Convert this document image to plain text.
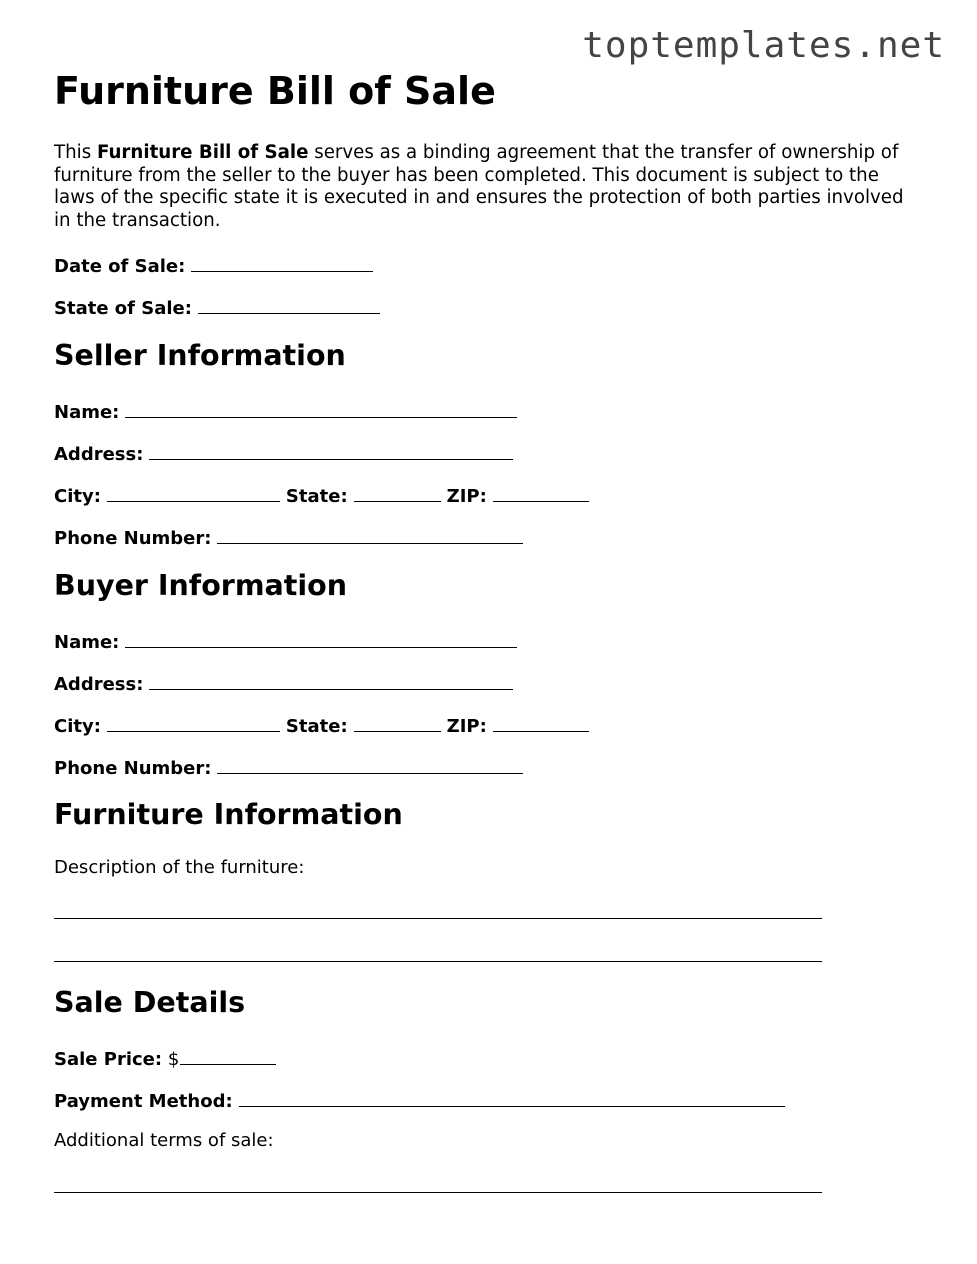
toptemplates.net
Furniture Bill of Sale

This Furniture Bill of Sale serves as a binding agreement that the transfer of ownership of furniture from the seller to the buyer has been completed. This document is subject to the laws of the specific state it is executed in and ensures the protection of both parties involved in the transaction.

Date of Sale:
State of Sale:
Seller Information
Name:
Address:
City:	State:	ZIP:
Phone Number:
Buyer Information
Name:
Address:
City:	State:	ZIP:
Phone Number:
Furniture Information
Description of the furniture:
Sale Details
Sale Price: $
Payment Method:
Additional terms of sale:
